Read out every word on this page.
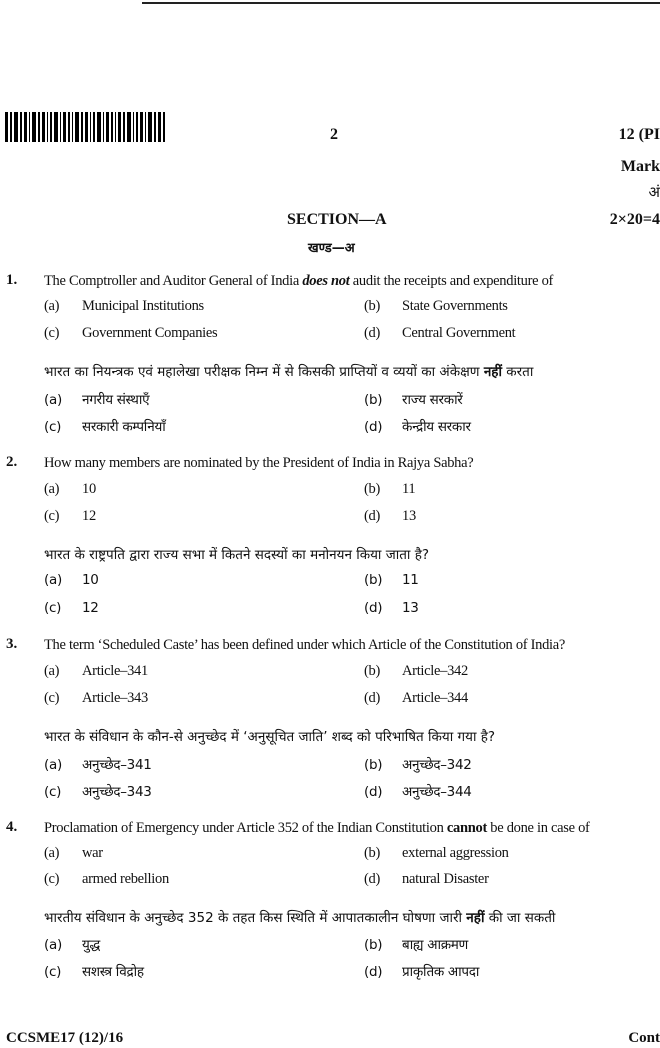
2	12 (PI
Mark
अं
SECTION—A
खण्ड—अ
2×20=4
1. The Comptroller and Auditor General of India does not audit the receipts and expenditure of
(a) Municipal Institutions	(b) State Governments
(c) Government Companies	(d) Central Government
भारत का नियन्त्रक एवं महालेखा परीक्षक निम्न में से किसकी प्राप्तियों व व्ययों का अंकेक्षण नहीं करता
(a) नगरीय संस्थाएँ	(b) राज्य सरकारें
(c) सरकारी कम्पनियाँ	(d) केन्द्रीय सरकार
2. How many members are nominated by the President of India in Rajya Sabha?
(a) 10	(b) 11
(c) 12	(d) 13
भारत के राष्ट्रपति द्वारा राज्य सभा में कितने सदस्यों का मनोनयन किया जाता है?
(a) 10	(b) 11
(c) 12	(d) 13
3. The term ‘Scheduled Caste’ has been defined under which Article of the Constitution of India?
(a) Article–341	(b) Article–342
(c) Article–343	(d) Article–344
भारत के संविधान के कौन-से अनुच्छेद में ‘अनुसूचित जाति’ शब्द को परिभाषित किया गया है?
(a) अनुच्छेद–341	(b) अनुच्छेद–342
(c) अनुच्छेद–343	(d) अनुच्छेद–344
4. Proclamation of Emergency under Article 352 of the Indian Constitution cannot be done in case of
(a) war	(b) external aggression
(c) armed rebellion	(d) natural Disaster
भारतीय संविधान के अनुच्छेद 352 के तहत किस स्थिति में आपातकालीन घोषणा जारी नहीं की जा सकती
(a) युद्ध	(b) बाह्य आक्रमण
(c) सशस्त्र विद्रोह	(d) प्राकृतिक आपदा
CCSME17 (12)/16	Cont
